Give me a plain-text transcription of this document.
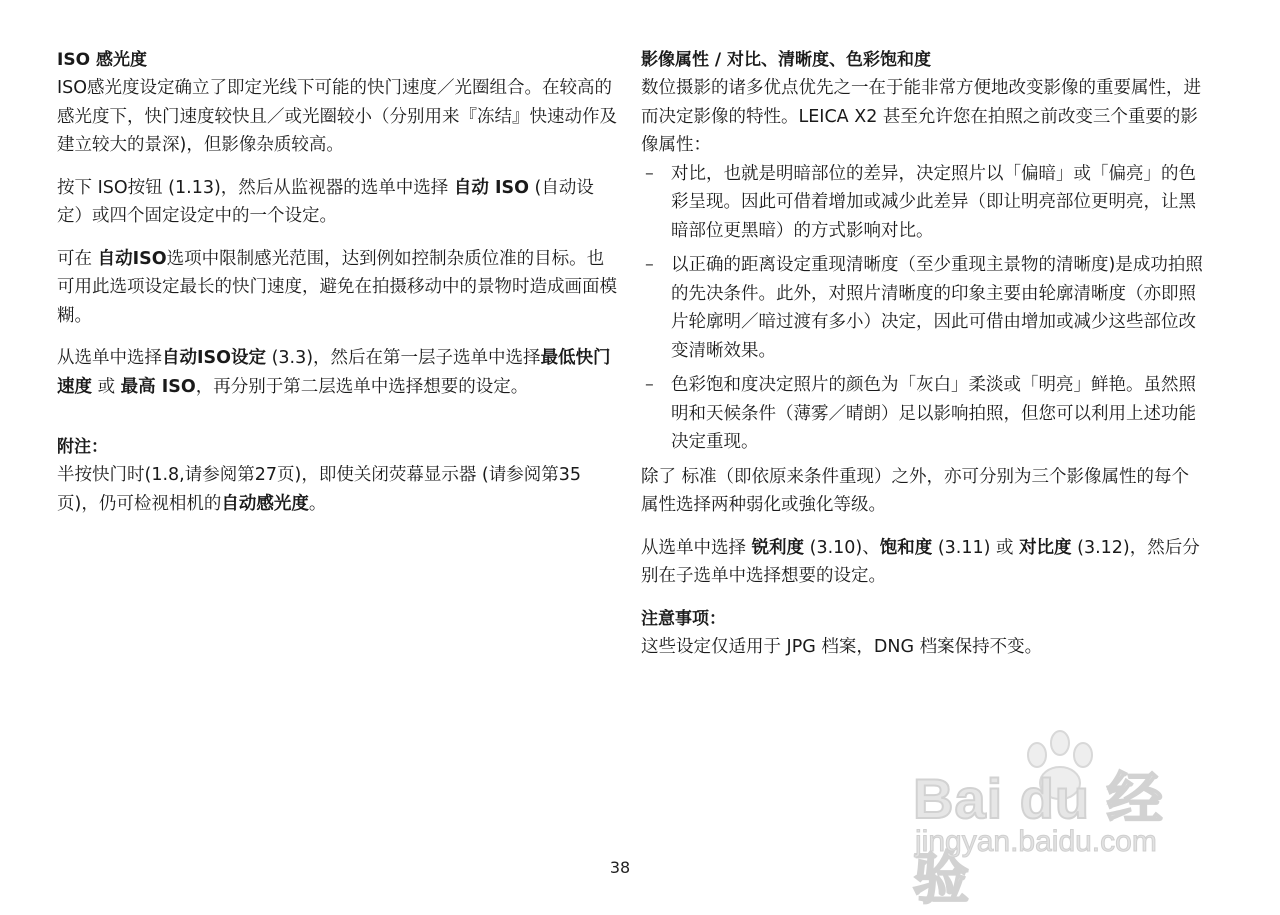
ISO 感光度

ISO感光度设定确立了即定光线下可能的快门速度／光圈组合。在较高的感光度下，快门速度较快且／或光圈较小（分别用来『冻结』快速动作及建立较大的景深)，但影像杂质较高。

按下 ISO按钮 (1.13)，然后从监视器的选单中选择 自动 ISO (自动设定）或四个固定设定中的一个设定。

可在 自动ISO选项中限制感光范围，达到例如控制杂质位准的目标。也可用此选项设定最长的快门速度，避免在拍摄移动中的景物时造成画面模糊。

从选单中选择自动ISO设定 (3.3)，然后在第一层子选单中选择最低快门速度 或 最高 ISO，再分别于第二层选单中选择想要的设定。

附注：

半按快门时(1.8,请参阅第27页)，即使关闭荧幕显示器 (请参阅第35页)，仍可检视相机的自动感光度。

影像属性 / 对比、清晰度、色彩饱和度

数位摄影的诸多优点优先之一在于能非常方便地改变影像的重要属性，进而决定影像的特性。LEICA X2 甚至允许您在拍照之前改变三个重要的影像属性：

– 对比，也就是明暗部位的差异，决定照片以「偏暗」或「偏亮」的色彩呈现。因此可借着增加或减少此差异（即让明亮部位更明亮，让黑暗部位更黑暗）的方式影响对比。
– 以正确的距离设定重现清晰度（至少重现主景物的清晰度)是成功拍照的先决条件。此外，对照片清晰度的印象主要由轮廓清晰度（亦即照片轮廓明／暗过渡有多小）决定，因此可借由增加或减少这些部位改变清晰效果。
– 色彩饱和度决定照片的颜色为「灰白」柔淡或「明亮」鲜艳。虽然照明和天候条件（薄雾／晴朗）足以影响拍照，但您可以利用上述功能决定重现。

除了 标准（即依原来条件重现）之外，亦可分别为三个影像属性的每个属性选择两种弱化或強化等级。

从选单中选择 锐利度 (3.10)、饱和度 (3.11) 或 对比度 (3.12)，然后分别在子选单中选择想要的设定。

注意事项：

这些设定仅适用于 JPG 档案，DNG 档案保持不变。

Bai du 经验
jingyan.baidu.com
38
